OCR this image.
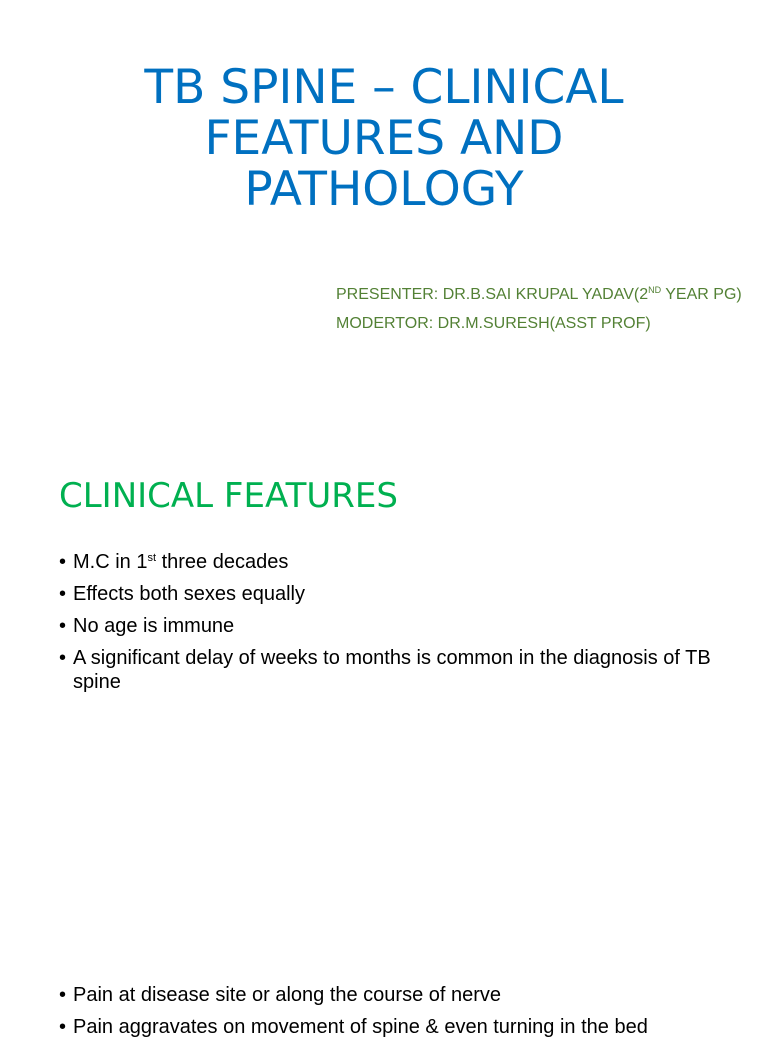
TB SPINE – CLINICAL
FEATURES AND
PATHOLOGY
PRESENTER: DR.B.SAI KRUPAL YADAV(2ND YEAR PG)
MODERTOR: DR.M.SURESH(ASST PROF)
CLINICAL FEATURES
• M.C in 1st three decades
• Effects both sexes equally
• No age is immune
• A significant delay of weeks to months is common in the diagnosis of TB spine
• Pain at disease site or along the course of nerve
• Pain aggravates on movement of spine & even turning in the bed
